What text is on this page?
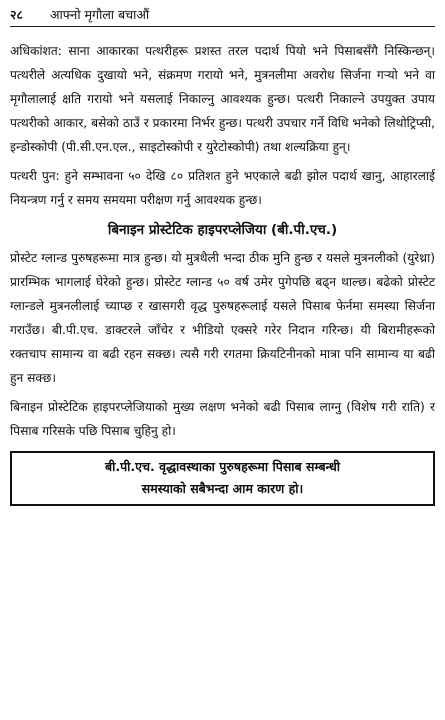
२८	आफ्नो मृगौला बचाऔं

अधिकांशत: साना आकारका पत्थरीहरू प्रशस्त तरल पदार्थ पियो भने पिसाबसँगै निस्किन्छन्। पत्थरीले अत्यधिक दुखायो भने, संक्रमण गरायो भने, मुत्रनलीमा अवरोध सिर्जना गऱ्यो भने वा मृगौलालाई क्षति गरायो भने यसलाई निकाल्नु आवश्यक हुन्छ। पत्थरी निकाल्ने उपयुक्त उपाय पत्थरीको आकार, बसेको ठाउँ र प्रकारमा निर्भर हुन्छ। पत्थरी उपचार गर्ने विधि भनेको लिथोट्रिप्सी, इन्डोस्कोपी (पी.सी.एन.एल., साइटोस्कोपी र युरेटोस्कोपी) तथा शल्यक्रिया हुन्।

पत्थरी पुन: हुने सम्भावना ५० देखि ८० प्रतिशत हुने भएकाले बढी झोल पदार्थ खानु, आहारलाई नियन्त्रण गर्नु र समय समयमा परीक्षण गर्नु आवश्यक हुन्छ।

बिनाइन प्रोस्टेटिक हाइपरप्लेजिया (बी.पी.एच.)

प्रोस्टेट ग्लान्ड पुरुषहरूमा मात्र हुन्छ। यो मुत्रथैली भन्दा ठीक मुनि हुन्छ र यसले मुत्रनलीको (युरेथ्रा) प्रारम्भिक भागलाई घेरेको हुन्छ। प्रोस्टेट ग्लान्ड ५० वर्ष उमेर पुगेपछि बढ्न थाल्छ। बढेको प्रोस्टेट ग्लान्डले मुत्रनलीलाई च्याप्छ र खासगरी वृद्ध पुरुषहरूलाई यसले पिसाब फेर्नमा समस्या सिर्जना गराउँछ। बी.पी.एच. डाक्टरले जाँचेर र भीडियो एक्सरे गरेर निदान गरिन्छ। यी बिरामीहरूको रक्तचाप सामान्य वा बढी रहन सक्छ। त्यसै गरी रगतमा क्रियटिनीनको मात्रा पनि सामान्य या बढी हुन सक्छ।

बिनाइन प्रोस्टेटिक हाइपरप्लेजियाको मुख्य लक्षण भनेको बढी पिसाब लाग्नु (विशेष गरी राति) र पिसाब गरिसके पछि पिसाब चुहिनु हो।

बी.पी.एच. वृद्धावस्थाका पुरुषहरूमा पिसाब सम्बन्धी
समस्याको सबैभन्दा आम कारण हो।
